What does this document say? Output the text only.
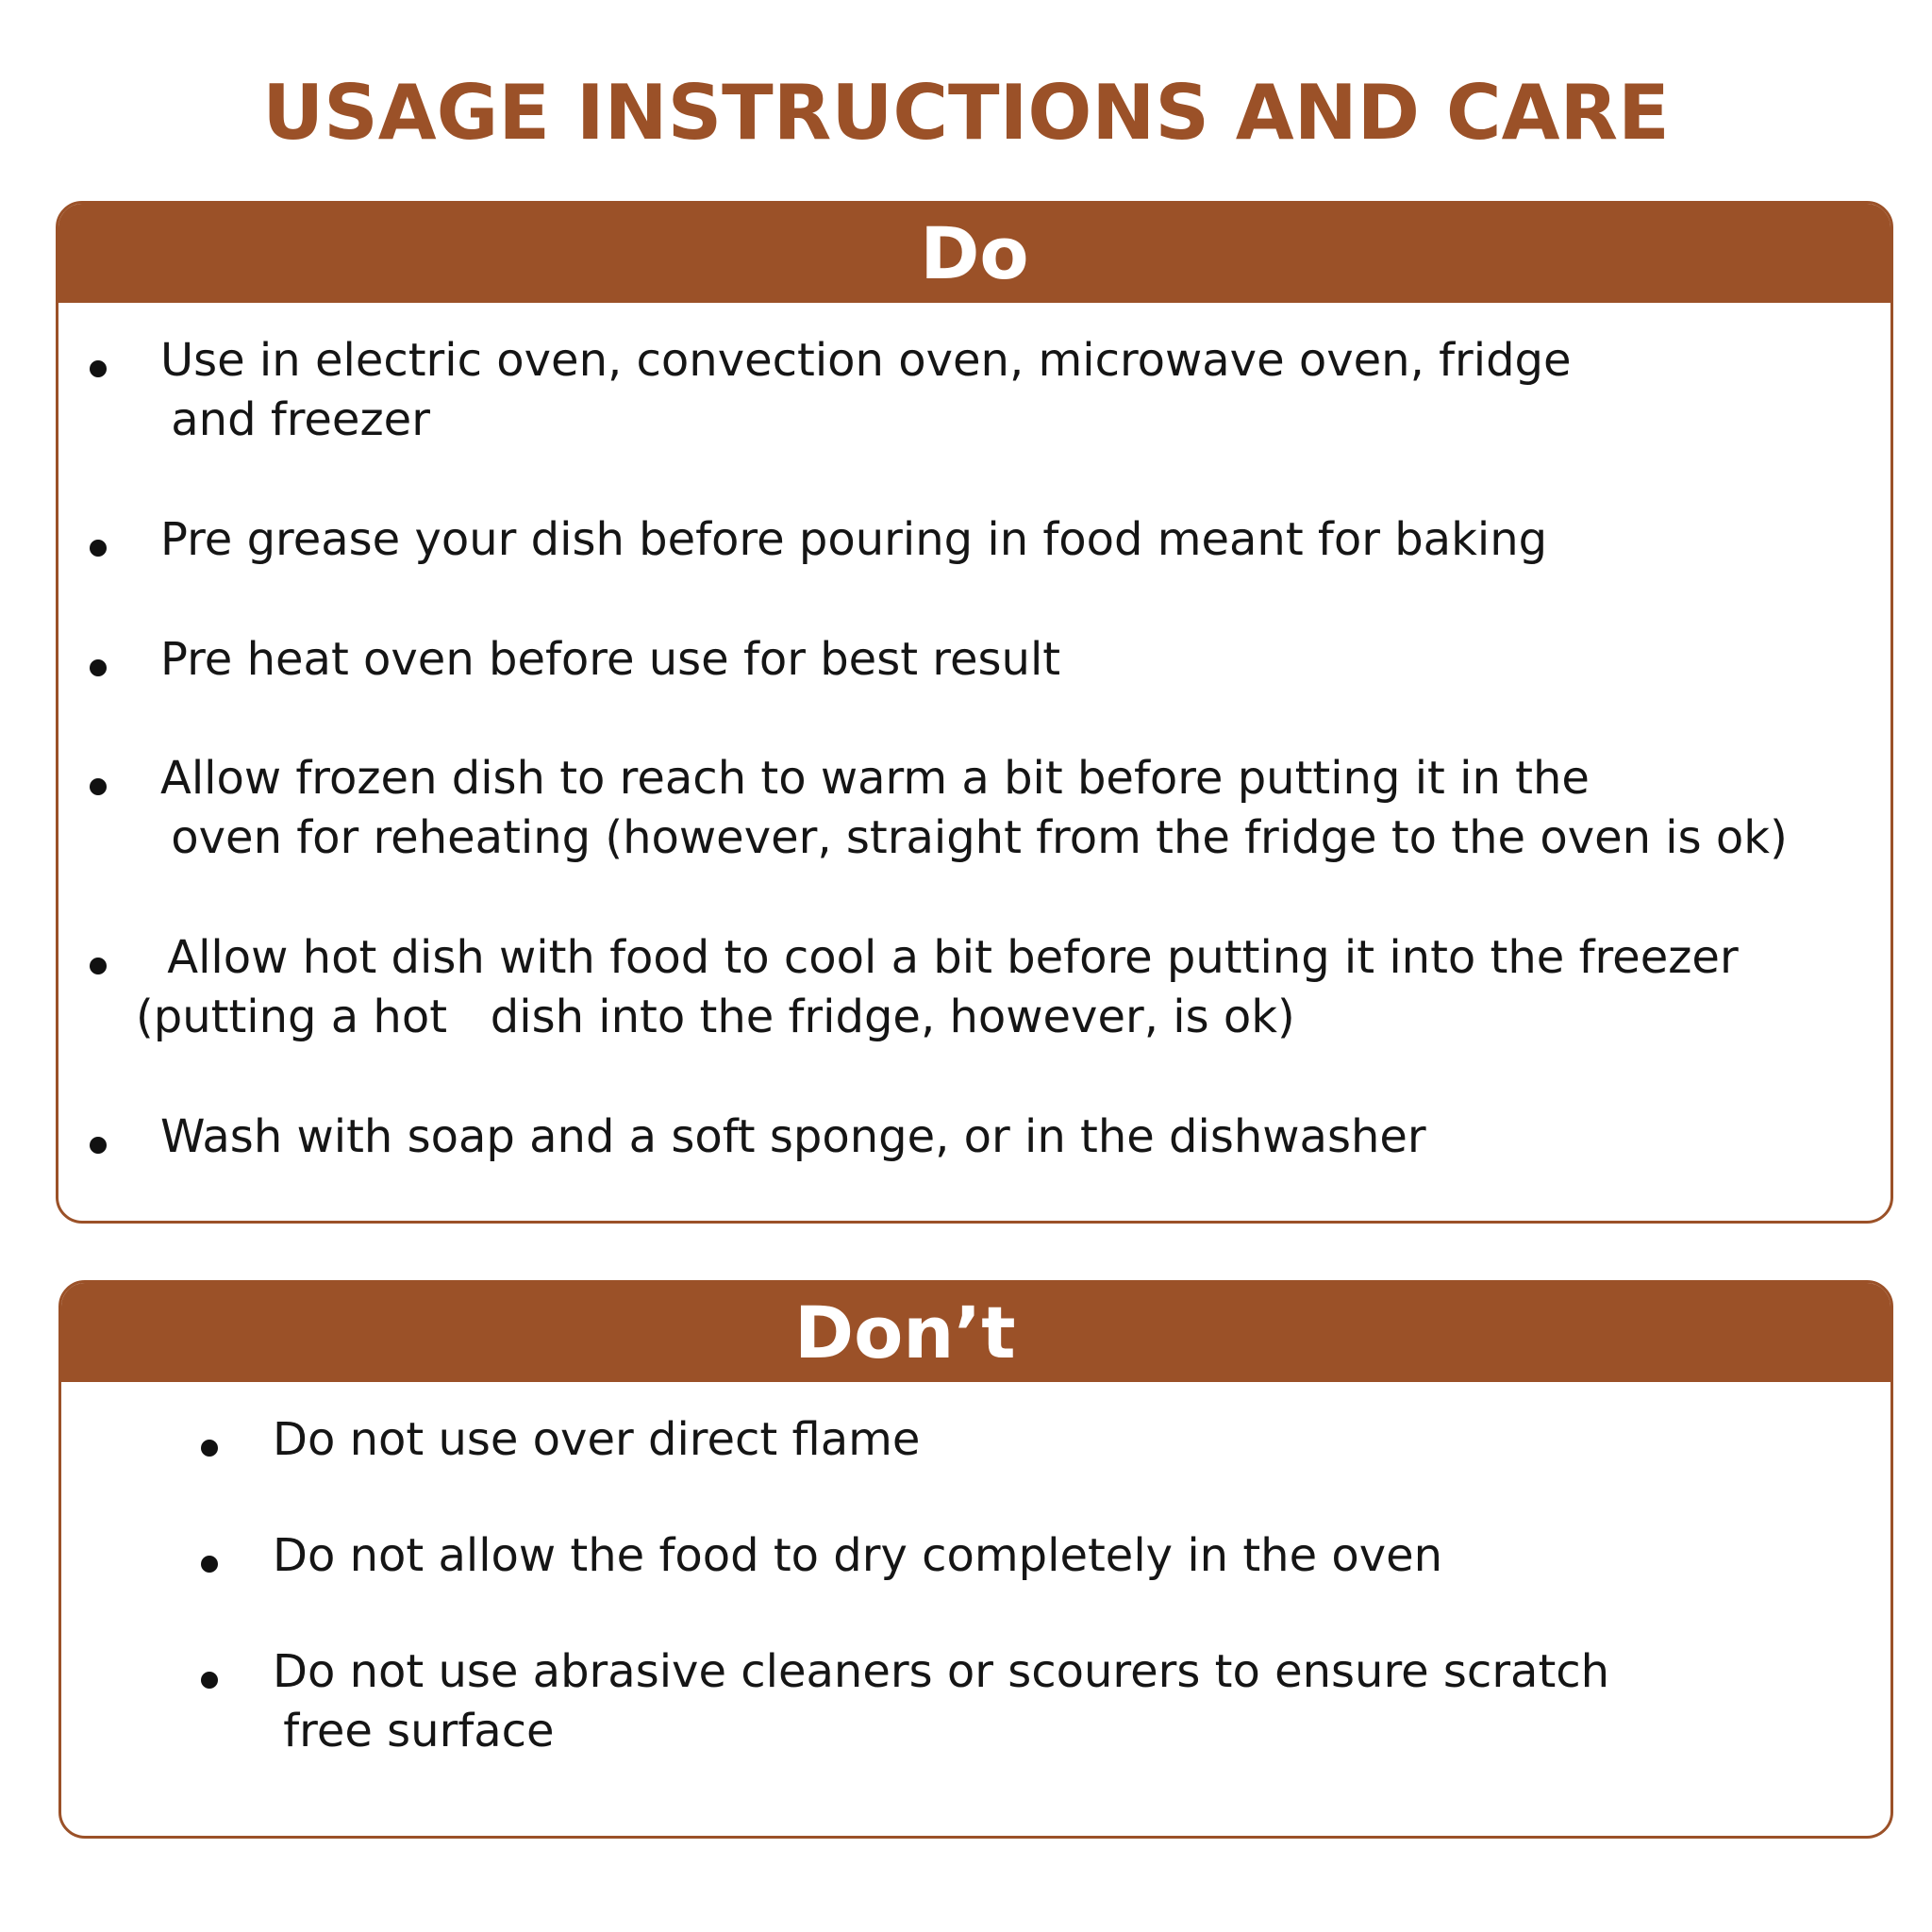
USAGE INSTRUCTIONS AND CARE
Do
Use in electric oven, convection oven, microwave oven, fridge
and freezer
Pre grease your dish before pouring in food meant for baking
Pre heat oven before use for best result
Allow frozen dish to reach to warm a bit before putting it in the
oven for reheating (however, straight from the fridge to the oven is ok)
Allow hot dish with food to cool a bit before putting it into the freezer
(putting a hot   dish into the fridge, however, is ok)
Wash with soap and a soft sponge, or in the dishwasher
Don’t
Do not use over direct flame
Do not allow the food to dry completely in the oven
Do not use abrasive cleaners or scourers to ensure scratch
free surface
